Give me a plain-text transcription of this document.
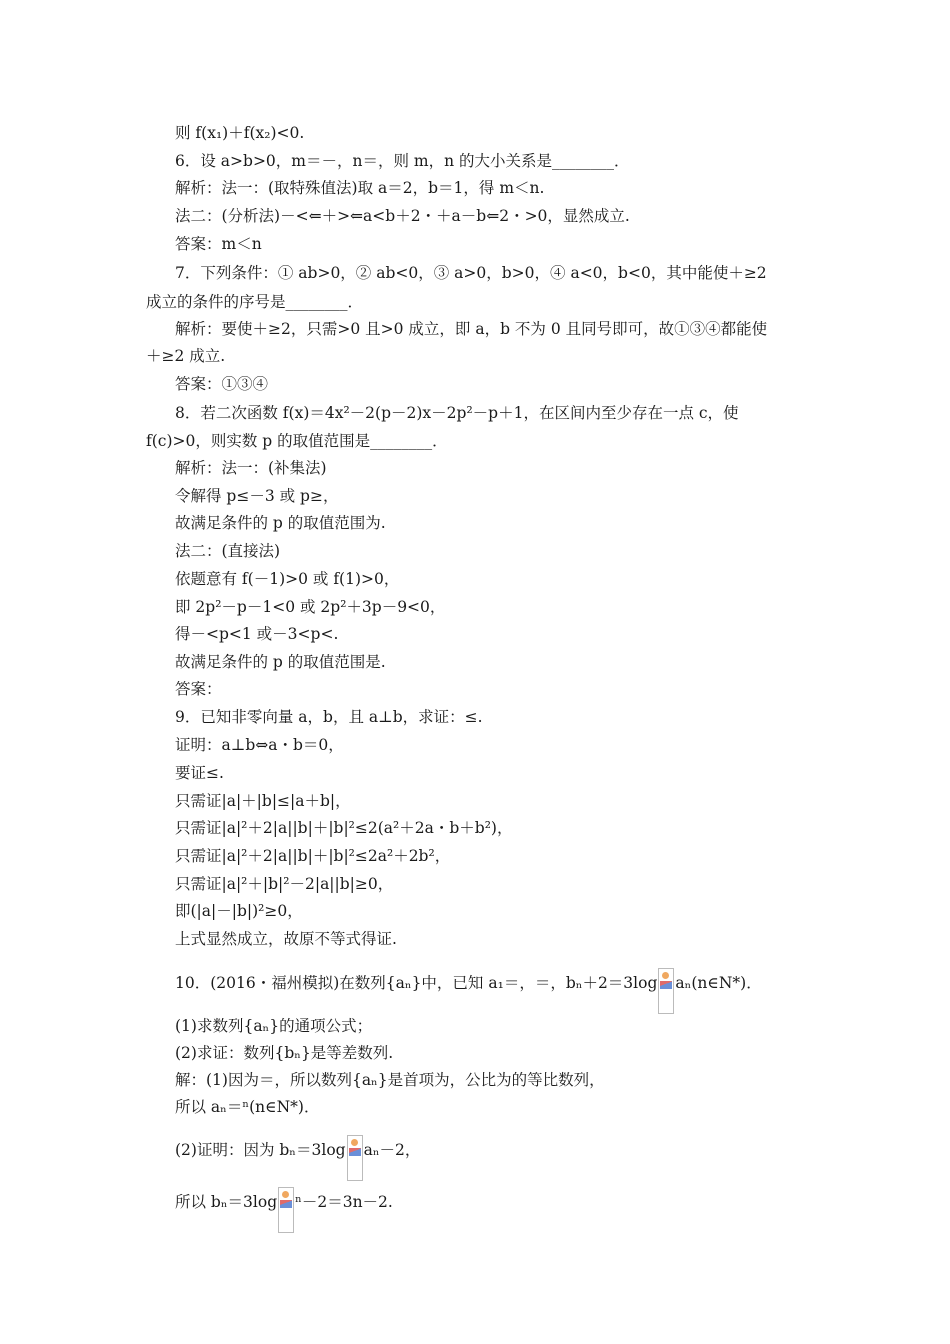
则 f(x₁)＋f(x₂)<0.
6．设 a>b>0，m＝－，n＝，则 m，n 的大小关系是________．
解析：法一：(取特殊值法)取 a＝2，b＝1，得 m＜n.
法二：(分析法)－<⇐＋>⇐a<b＋2・＋a－b⇐2・>0，显然成立.
答案：m＜n
7．下列条件：① ab>0，② ab<0，③ a>0，b>0，④ a<0，b<0，其中能使＋≥2
成立的条件的序号是________．
解析：要使＋≥2，只需>0 且>0 成立，即 a，b 不为 0 且同号即可，故①③④都能使
＋≥2 成立.
答案：①③④
8．若二次函数 f(x)＝4x²－2(p－2)x－2p²－p＋1，在区间内至少存在一点 c，使
f(c)>0，则实数 p 的取值范围是________．
解析：法一：(补集法)
令解得 p≤－3 或 p≥，
故满足条件的 p 的取值范围为.
法二：(直接法)
依题意有 f(－1)>0 或 f(1)>0，
即 2p²－p－1<0 或 2p²＋3p－9<0，
得－<p<1 或－3<p<.
故满足条件的 p 的取值范围是.
答案：
9．已知非零向量 a，b，且 a⊥b，求证：≤.
证明：a⊥b⇔a・b＝0，
要证≤.
只需证|a|＋|b|≤|a＋b|，
只需证|a|²＋2|a||b|＋|b|²≤2(a²＋2a・b＋b²)，
只需证|a|²＋2|a||b|＋|b|²≤2a²＋2b²，
只需证|a|²＋|b|²－2|a||b|≥0，
即(|a|－|b|)²≥0，
上式显然成立，故原不等式得证.
10．(2016・福州模拟)在数列{aₙ}中，已知 a₁＝，＝，bₙ＋2＝3log aₙ(n∈N*)．
(1)求数列{aₙ}的通项公式；
(2)求证：数列{bₙ}是等差数列.
解：(1)因为＝，所以数列{aₙ}是首项为，公比为的等比数列，
所以 aₙ＝ⁿ(n∈N*)．
(2)证明：因为 bₙ＝3log aₙ－2，
所以 bₙ＝3log ⁿ－2＝3n－2.
